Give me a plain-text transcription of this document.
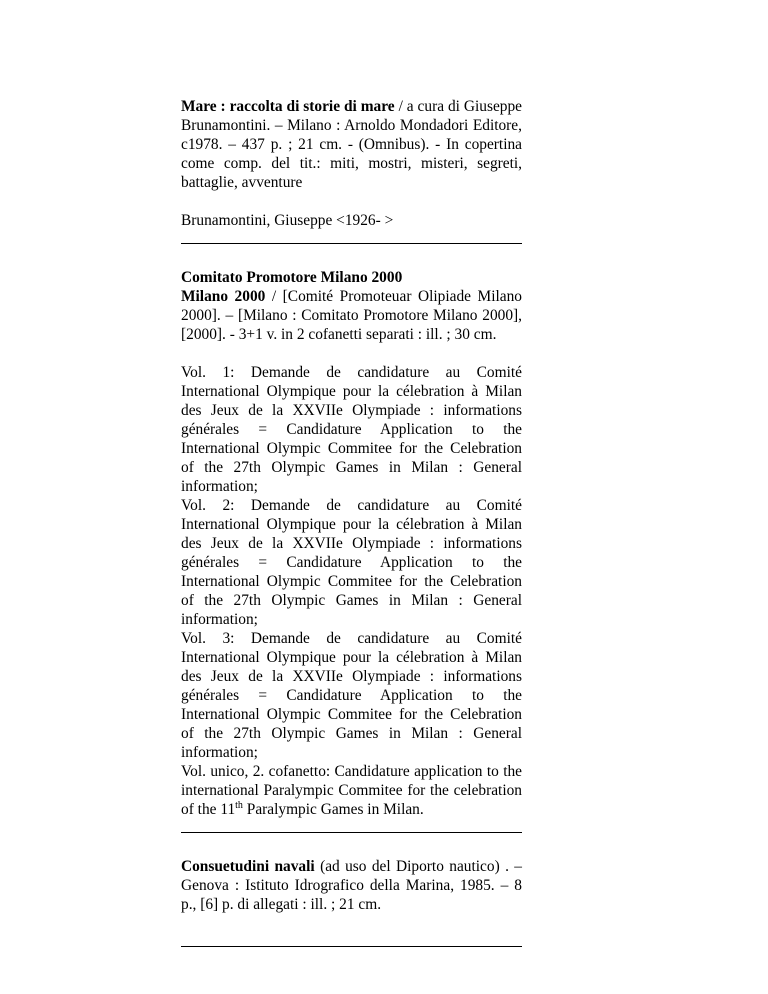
Mare : raccolta di storie di mare / a cura di Giuseppe Brunamontini. – Milano : Arnoldo Mondadori Editore, c1978. – 437 p. ; 21 cm. - (Omnibus). - In copertina come comp. del tit.: miti, mostri, misteri, segreti, battaglie, avventure

Brunamontini, Giuseppe <1926- >

Comitato Promotore Milano 2000

Milano 2000 / [Comité Promoteuar Olipiade Milano 2000]. – [Milano : Comitato Promotore Milano 2000], [2000]. - 3+1 v. in 2 cofanetti separati : ill. ; 30 cm.

Vol. 1: Demande de candidature au Comité International Olympique pour la célebration à Milan des Jeux de la XXVIIe Olympiade : informations générales = Candidature Application to the International Olympic Commitee for the Celebration of the 27th Olympic Games in Milan : General information;

Vol. 2: Demande de candidature au Comité International Olympique pour la célebration à Milan des Jeux de la XXVIIe Olympiade : informations générales = Candidature Application to the International Olympic Commitee for the Celebration of the 27th Olympic Games in Milan : General information;

Vol. 3: Demande de candidature au Comité International Olympique pour la célebration à Milan des Jeux de la XXVIIe Olympiade : informations générales = Candidature Application to the International Olympic Commitee for the Celebration of the 27th Olympic Games in Milan : General information;

Vol. unico, 2. cofanetto: Candidature application to the international Paralympic Commitee for the celebration of the 11th Paralympic Games in Milan.

Consuetudini navali (ad uso del Diporto nautico) . – Genova : Istituto Idrografico della Marina, 1985. – 8 p., [6] p. di allegati : ill. ; 21 cm.
